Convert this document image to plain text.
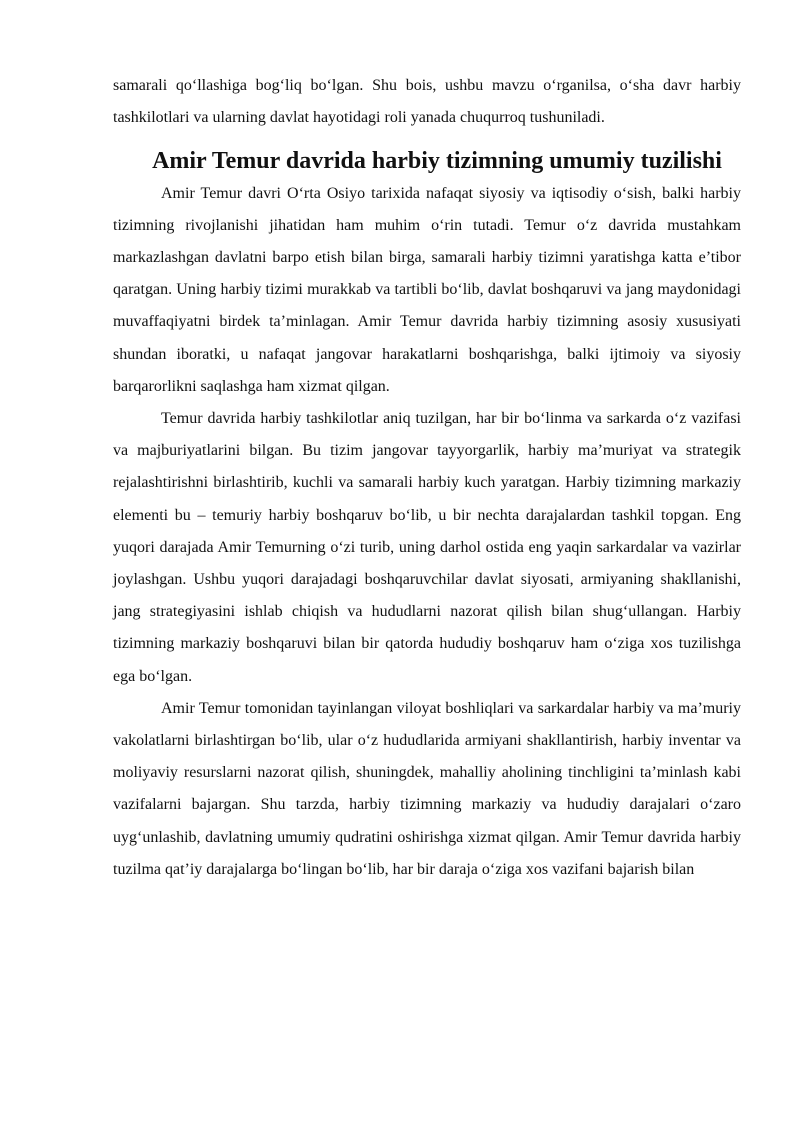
samarali qo‘llashiga bog‘liq bo‘lgan. Shu bois, ushbu mavzu o‘rganilsa, o‘sha davr harbiy tashkilotlari va ularning davlat hayotidagi roli yanada chuqurroq tushuniladi.

Amir Temur davrida harbiy tizimning umumiy tuzilishi

Amir Temur davri O‘rta Osiyo tarixida nafaqat siyosiy va iqtisodiy o‘sish, balki harbiy tizimning rivojlanishi jihatidan ham muhim o‘rin tutadi. Temur o‘z davrida mustahkam markazlashgan davlatni barpo etish bilan birga, samarali harbiy tizimni yaratishga katta e’tibor qaratgan. Uning harbiy tizimi murakkab va tartibli bo‘lib, davlat boshqaruvi va jang maydonidagi muvaffaqiyatni birdek ta’minlagan. Amir Temur davrida harbiy tizimning asosiy xususiyati shundan iboratki, u nafaqat jangovar harakatlarni boshqarishga, balki ijtimoiy va siyosiy barqarorlikni saqlashga ham xizmat qilgan.

Temur davrida harbiy tashkilotlar aniq tuzilgan, har bir bo‘linma va sarkarda o‘z vazifasi va majburiyatlarini bilgan. Bu tizim jangovar tayyorgarlik, harbiy ma’muriyat va strategik rejalashtirishni birlashtirib, kuchli va samarali harbiy kuch yaratgan. Harbiy tizimning markaziy elementi bu – temuriy harbiy boshqaruv bo‘lib, u bir nechta darajalardan tashkil topgan. Eng yuqori darajada Amir Temurning o‘zi turib, uning darhol ostida eng yaqin sarkardalar va vazirlar joylashgan. Ushbu yuqori darajadagi boshqaruvchilar davlat siyosati, armiyaning shakllanishi, jang strategiyasini ishlab chiqish va hududlarni nazorat qilish bilan shug‘ullangan. Harbiy tizimning markaziy boshqaruvi bilan bir qatorda hududiy boshqaruv ham o‘ziga xos tuzilishga ega bo‘lgan.

Amir Temur tomonidan tayinlangan viloyat boshliqlari va sarkardalar harbiy va ma’muriy vakolatlarni birlashtirgan bo‘lib, ular o‘z hududlarida armiyani shakllantirish, harbiy inventar va moliyaviy resurslarni nazorat qilish, shuningdek, mahalliy aholining tinchligini ta’minlash kabi vazifalarni bajargan. Shu tarzda, harbiy tizimning markaziy va hududiy darajalari o‘zaro uyg‘unlashib, davlatning umumiy qudratini oshirishga xizmat qilgan. Amir Temur davrida harbiy tuzilma qat’iy darajalarga bo‘lingan bo‘lib, har bir daraja o‘ziga xos vazifani bajarish bilan
